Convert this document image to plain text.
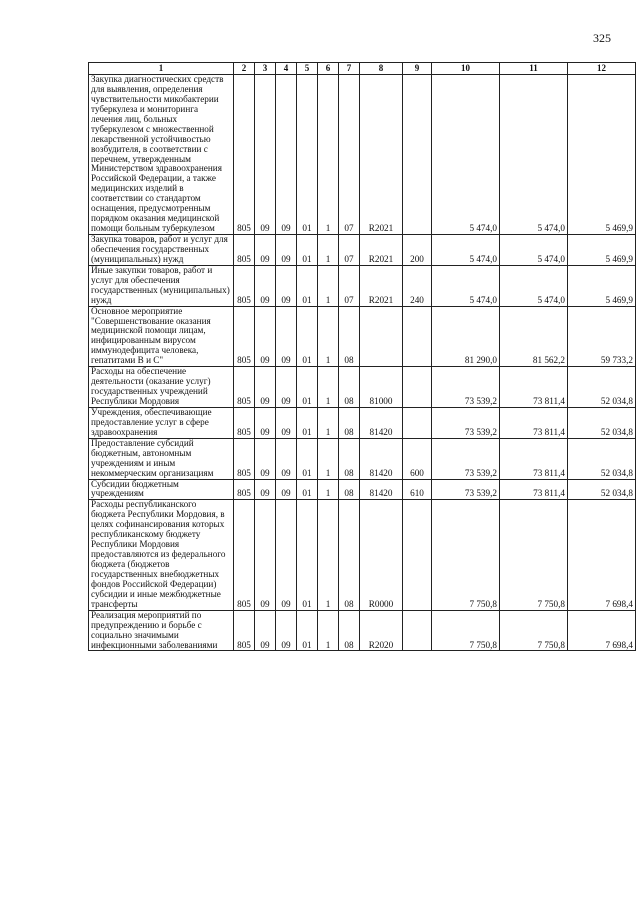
325
1	2	3	4	5	6	7	8	9	10	11	12
Закупка диагностических средств для выявления, определения чувствительности микобактерии туберкулеза и мониторинга лечения лиц, больных туберкулезом с множественной лекарственной устойчивостью возбудителя, в соответствии с перечнем, утвержденным Министерством здравоохранения Российской Федерации, а также медицинских изделий в соответствии со стандартом оснащения, предусмотренным порядком оказания медицинской помощи больным туберкулезом	805	09	09	01	1	07	R2021		5 474,0	5 474,0	5 469,9
Закупка товаров, работ и услуг для обеспечения государственных (муниципальных) нужд	805	09	09	01	1	07	R2021	200	5 474,0	5 474,0	5 469,9
Иные закупки товаров, работ и услуг для обеспечения государственных (муниципальных) нужд	805	09	09	01	1	07	R2021	240	5 474,0	5 474,0	5 469,9
Основное мероприятие "Совершенствование оказания медицинской помощи лицам, инфицированным вирусом иммунодефицита человека, гепатитами В и С"	805	09	09	01	1	08			81 290,0	81 562,2	59 733,2
Расходы на обеспечение деятельности (оказание услуг) государственных учреждений Республики Мордовия	805	09	09	01	1	08	81000		73 539,2	73 811,4	52 034,8
Учреждения, обеспечивающие предоставление услуг в сфере здравоохранения	805	09	09	01	1	08	81420		73 539,2	73 811,4	52 034,8
Предоставление субсидий бюджетным, автономным учреждениям и иным некоммерческим организациям	805	09	09	01	1	08	81420	600	73 539,2	73 811,4	52 034,8
Субсидии бюджетным учреждениям	805	09	09	01	1	08	81420	610	73 539,2	73 811,4	52 034,8
Расходы республиканского бюджета Республики Мордовия, в целях софинансирования которых республиканскому бюджету Республики Мордовия предоставляются из федерального бюджета (бюджетов государственных внебюджетных фондов Российской Федерации) субсидии и иные межбюджетные трансферты	805	09	09	01	1	08	R0000		7 750,8	7 750,8	7 698,4
Реализация мероприятий по предупреждению и борьбе с социально значимыми инфекционными заболеваниями	805	09	09	01	1	08	R2020		7 750,8	7 750,8	7 698,4
